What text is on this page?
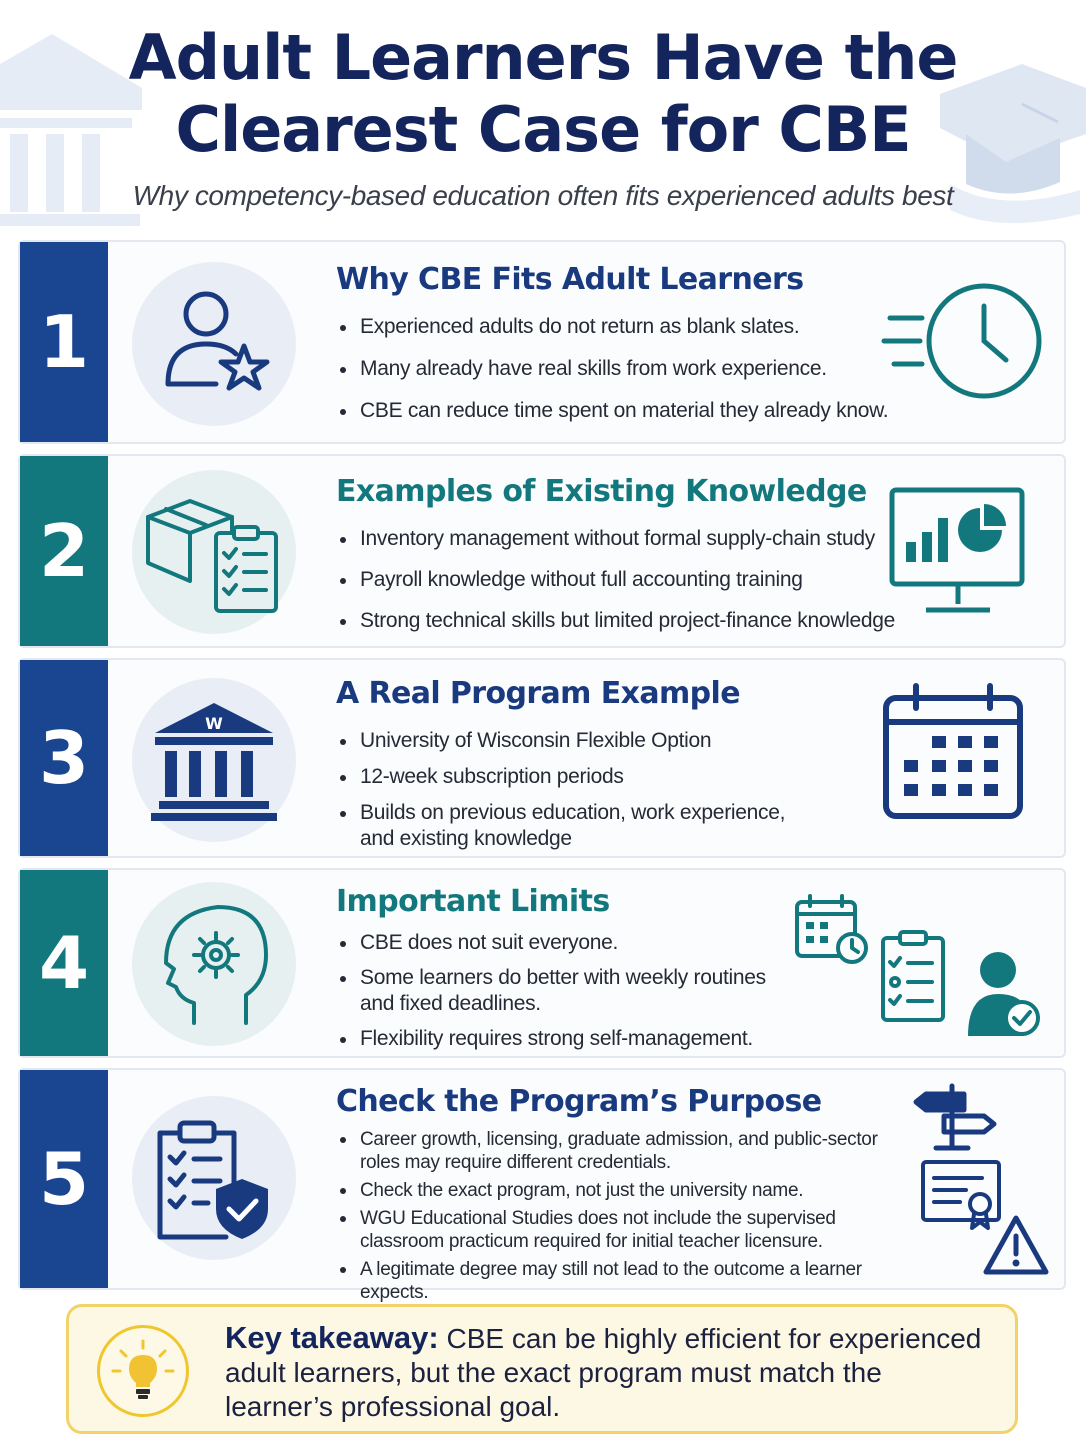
Adult Learners Have the
Clearest Case for CBE
Why competency-based education often fits experienced adults best
1
Why CBE Fits Adult Learners
Experienced adults do not return as blank slates.
Many already have real skills from work experience.
CBE can reduce time spent on material they already know.
2
Examples of Existing Knowledge
Inventory management without formal supply-chain study
Payroll knowledge without full accounting training
Strong technical skills but limited project-finance knowledge
3	W
A Real Program Example
University of Wisconsin Flexible Option
12-week subscription periods
Builds on previous education, work experience, and existing knowledge
4
Important Limits
CBE does not suit everyone.
Some learners do better with weekly routines and fixed deadlines.
Flexibility requires strong self-management.
5
Check the Program’s Purpose
Career growth, licensing, graduate admission, and public-sector roles may require different credentials.
Check the exact program, not just the university name.
WGU Educational Studies does not include the supervised classroom practicum required for initial teacher licensure.
A legitimate degree may still not lead to the outcome a learner expects.
Key takeaway: CBE can be highly efficient for experienced adult learners, but the exact program must match the learner’s professional goal.
